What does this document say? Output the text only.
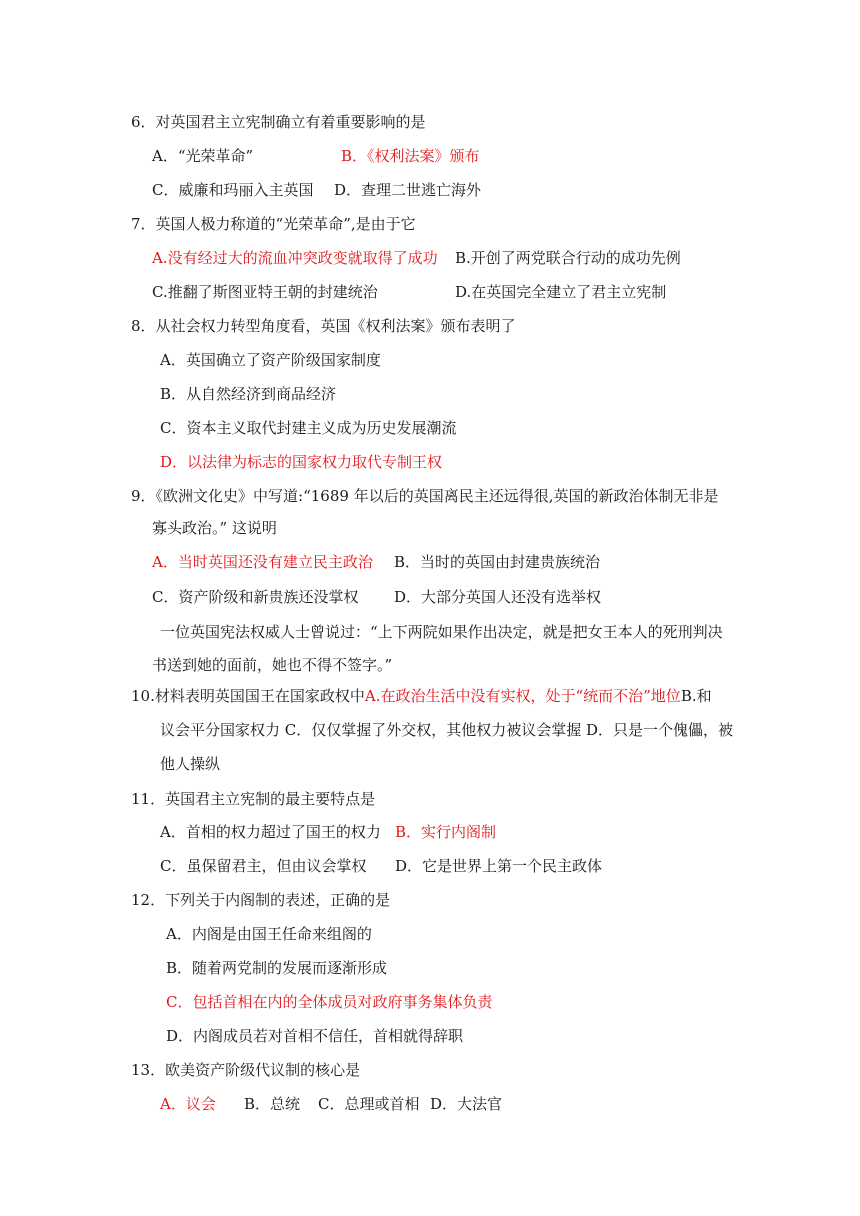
6．对英国君主立宪制确立有着重要影响的是
A．“光荣革命”	B．《权利法案》颁布
C．威廉和玛丽入主英国 D．查理二世逃亡海外
7．英国人极力称道的“光荣革命”,是由于它
A.没有经过大的流血冲突政变就取得了成功 B.开创了两党联合行动的成功先例
C.推翻了斯图亚特王朝的封建统治	D.在英国完全建立了君主立宪制
8．从社会权力转型角度看，英国《权利法案》颁布表明了
A．英国确立了资产阶级国家制度
B．从自然经济到商品经济
C．资本主义取代封建主义成为历史发展潮流
D．以法律为标志的国家权力取代专制王权
9．《欧洲文化史》中写道:“1689 年以后的英国离民主还远得很,英国的新政治体制无非是
寡头政治。” 这说明
A．当时英国还没有建立民主政治 B．当时的英国由封建贵族统治
C．资产阶级和新贵族还没掌权 D．大部分英国人还没有选举权
一位英国宪法权威人士曾说过：“上下两院如果作出决定，就是把女王本人的死刑判决
书送到她的面前，她也不得不签字。”
10.材料表明英国国王在国家政权中A.在政治生活中没有实权，处于“统而不治”地位B.和
议会平分国家权力 C．仅仅掌握了外交权，其他权力被议会掌握 D．只是一个傀儡，被
他人操纵
11．英国君主立宪制的最主要特点是
A．首相的权力超过了国王的权力 B．实行内阁制
C．虽保留君主，但由议会掌权 D．它是世界上第一个民主政体
12．下列关于内阁制的表述，正确的是
A．内阁是由国王任命来组阁的
B．随着两党制的发展而逐渐形成
C．包括首相在内的全体成员对政府事务集体负责
D．内阁成员若对首相不信任，首相就得辞职
13．欧美资产阶级代议制的核心是
A．议会 B．总统 C．总理或首相 D．大法官
